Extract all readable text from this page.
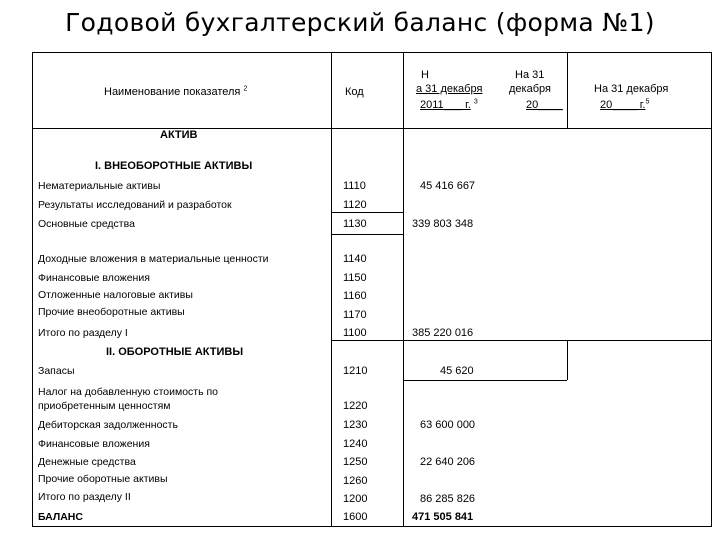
Годовой бухгалтерский баланс (форма №1)
Наименование показателя $^2$	Код
Н
а 31 декабря
2011___ г. $^3$
На 31
декабря
20____
На 31 декабря
20____ г.$^5$
АКТИВ
I. ВНЕОБОРОТНЫЕ АКТИВЫ
II. ОБОРОТНЫЕ АКТИВЫ
Нематериальные активы
Результаты исследований и разработок
Основные средства
Доходные вложения в материальные ценности
Финансовые вложения
Отложенные налоговые активы
Прочие внеоборотные активы
Итого по разделу I
Запасы
Налог на добавленную стоимость по
приобретенным ценностям
Дебиторская задолженность
Финансовые вложения
Денежные средства
Прочие оборотные активы
Итого по разделу II
БАЛАНС
1110
1120
1130
1140
1150
1160
1170
1100
1210
1220
1230
1240
1250
1260
1200
1600
45 416 667
339 803 348
385 220 016
45 620
63 600 000
22 640 206
86 285 826
471 505 841
